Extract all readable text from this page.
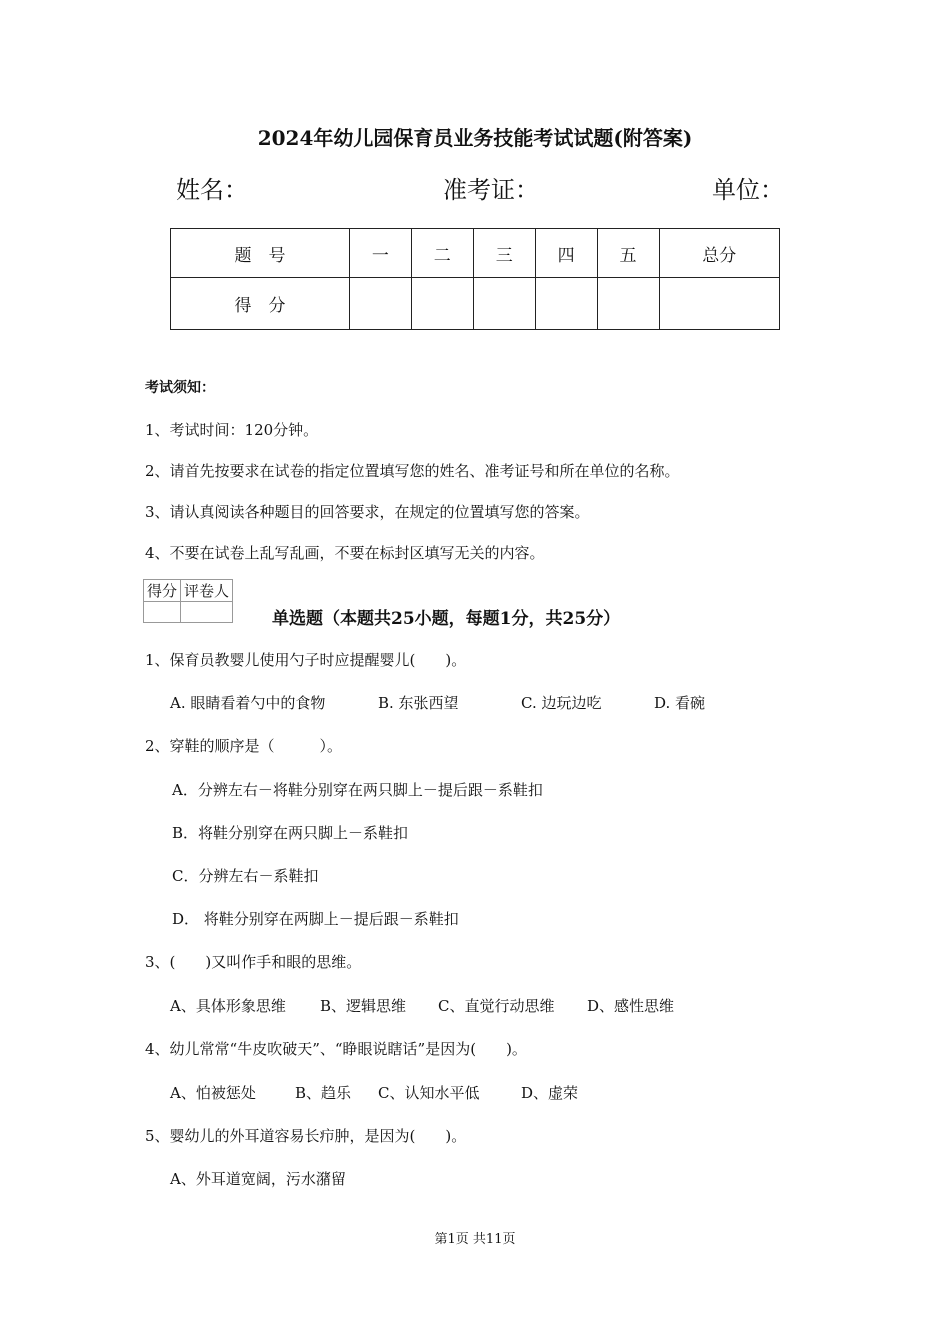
2024年幼儿园保育员业务技能考试试题(附答案)
姓名：	准考证：	单位：
题　号	一	二	三	四	五	总分
得　分						
考试须知：
1、考试时间：120分钟。
2、请首先按要求在试卷的指定位置填写您的姓名、准考证号和所在单位的名称。
3、请认真阅读各种题目的回答要求，在规定的位置填写您的答案。
4、不要在试卷上乱写乱画，不要在标封区填写无关的内容。
得分	评卷人

单选题（本题共25小题，每题1分，共25分）
1、保育员教婴儿使用勺子时应提醒婴儿(　　)。
A. 眼睛看着勺中的食物	B. 东张西望	C. 边玩边吃	D. 看碗
2、穿鞋的顺序是（　　　）。
A．分辨左右－将鞋分别穿在两只脚上－提后跟－系鞋扣
B．将鞋分别穿在两只脚上－系鞋扣
C．分辨左右－系鞋扣
D． 将鞋分别穿在两脚上－提后跟－系鞋扣
3、(　　)又叫作手和眼的思维。
A、具体形象思维 B、逻辑思维 C、直觉行动思维 D、感性思维
4、幼儿常常“牛皮吹破天”、“睁眼说瞎话”是因为(　　)。
A、怕被惩处	B、趋乐 C、认知水平低	D、虚荣
5、婴幼儿的外耳道容易长疖肿，是因为(　　)。
A、外耳道宽阔，污水潴留
第1页 共11页
